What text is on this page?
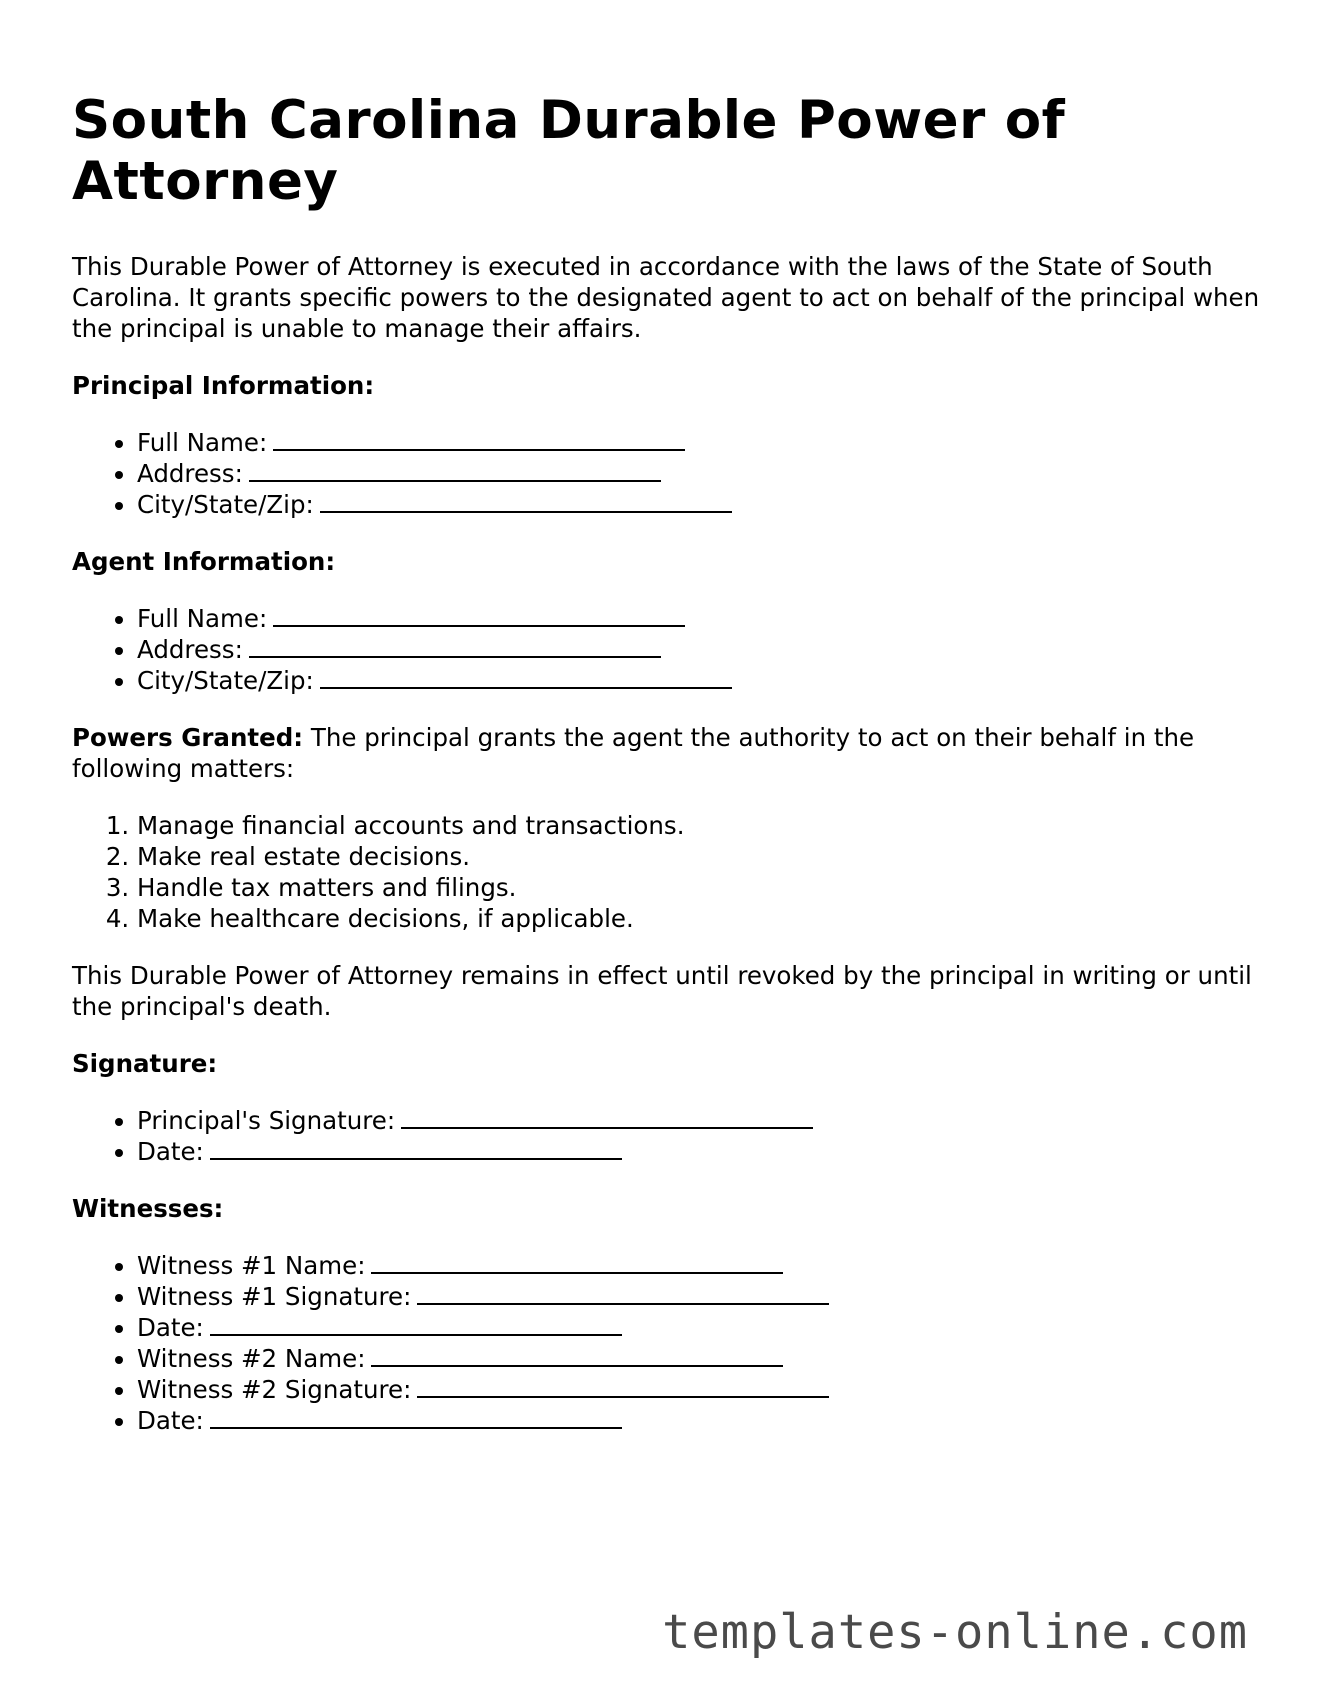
South Carolina Durable Power of Attorney

This Durable Power of Attorney is executed in accordance with the laws of the State of South Carolina. It grants specific powers to the designated agent to act on behalf of the principal when the principal is unable to manage their affairs.

Principal Information:
• Full Name:
• Address:
• City/State/Zip:
Agent Information:
• Full Name:
• Address:
• City/State/Zip:

Powers Granted: The principal grants the agent the authority to act on their behalf in the following matters:

1. Manage financial accounts and transactions.
2. Make real estate decisions.
3. Handle tax matters and filings.
4. Make healthcare decisions, if applicable.

This Durable Power of Attorney remains in effect until revoked by the principal in writing or until the principal's death.

Signature:
• Principal's Signature:
• Date:
Witnesses:
• Witness #1 Name:
• Witness #1 Signature:
• Date:
• Witness #2 Name:
• Witness #2 Signature:
• Date:
templates-online.com
